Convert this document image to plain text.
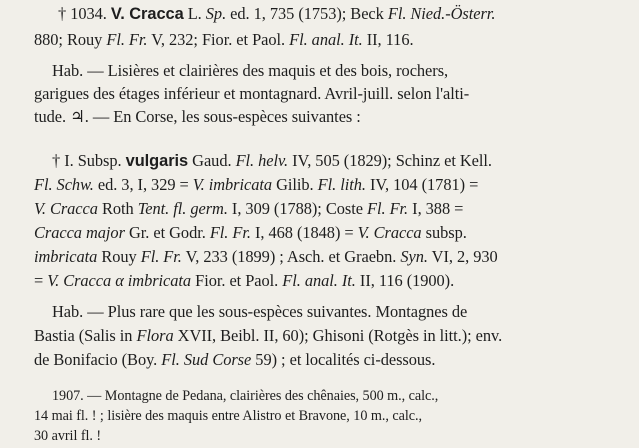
† 1034. V. Cracca L. Sp. ed. 1, 735 (1753); Beck Fl. Nied.-Österr.
880; Rouy Fl. Fr. V, 232; Fior. et Paol. Fl. anal. It. II, 116.
Hab. — Lisières et clairières des maquis et des bois, rochers,
garigues des étages inférieur et montagnard. Avril-juill. selon l'alti-
tude. ♃. — En Corse, les sous-espèces suivantes :
† I. Subsp. vulgaris Gaud. Fl. helv. IV, 505 (1829); Schinz et Kell.
Fl. Schw. ed. 3, I, 329 = V. imbricata Gilib. Fl. lith. IV, 104 (1781) =
V. Cracca Roth Tent. fl. germ. I, 309 (1788); Coste Fl. Fr. I, 388 =
Cracca major Gr. et Godr. Fl. Fr. I, 468 (1848) = V. Cracca subsp.
imbricata Rouy Fl. Fr. V, 233 (1899) ; Asch. et Graebn. Syn. VI, 2, 930
= V. Cracca α imbricata Fior. et Paol. Fl. anal. It. II, 116 (1900).
Hab. — Plus rare que les sous-espèces suivantes. Montagnes de
Bastia (Salis in Flora XVII, Beibl. II, 60); Ghisoni (Rotgès in litt.); env.
de Bonifacio (Boy. Fl. Sud Corse 59) ; et localités ci-dessous.
1907. — Montagne de Pedana, clairières des chênaies, 500 m., calc.,
14 mai fl. ! ; lisière des maquis entre Alistro et Bravone, 10 m., calc.,
30 avril fl. !
